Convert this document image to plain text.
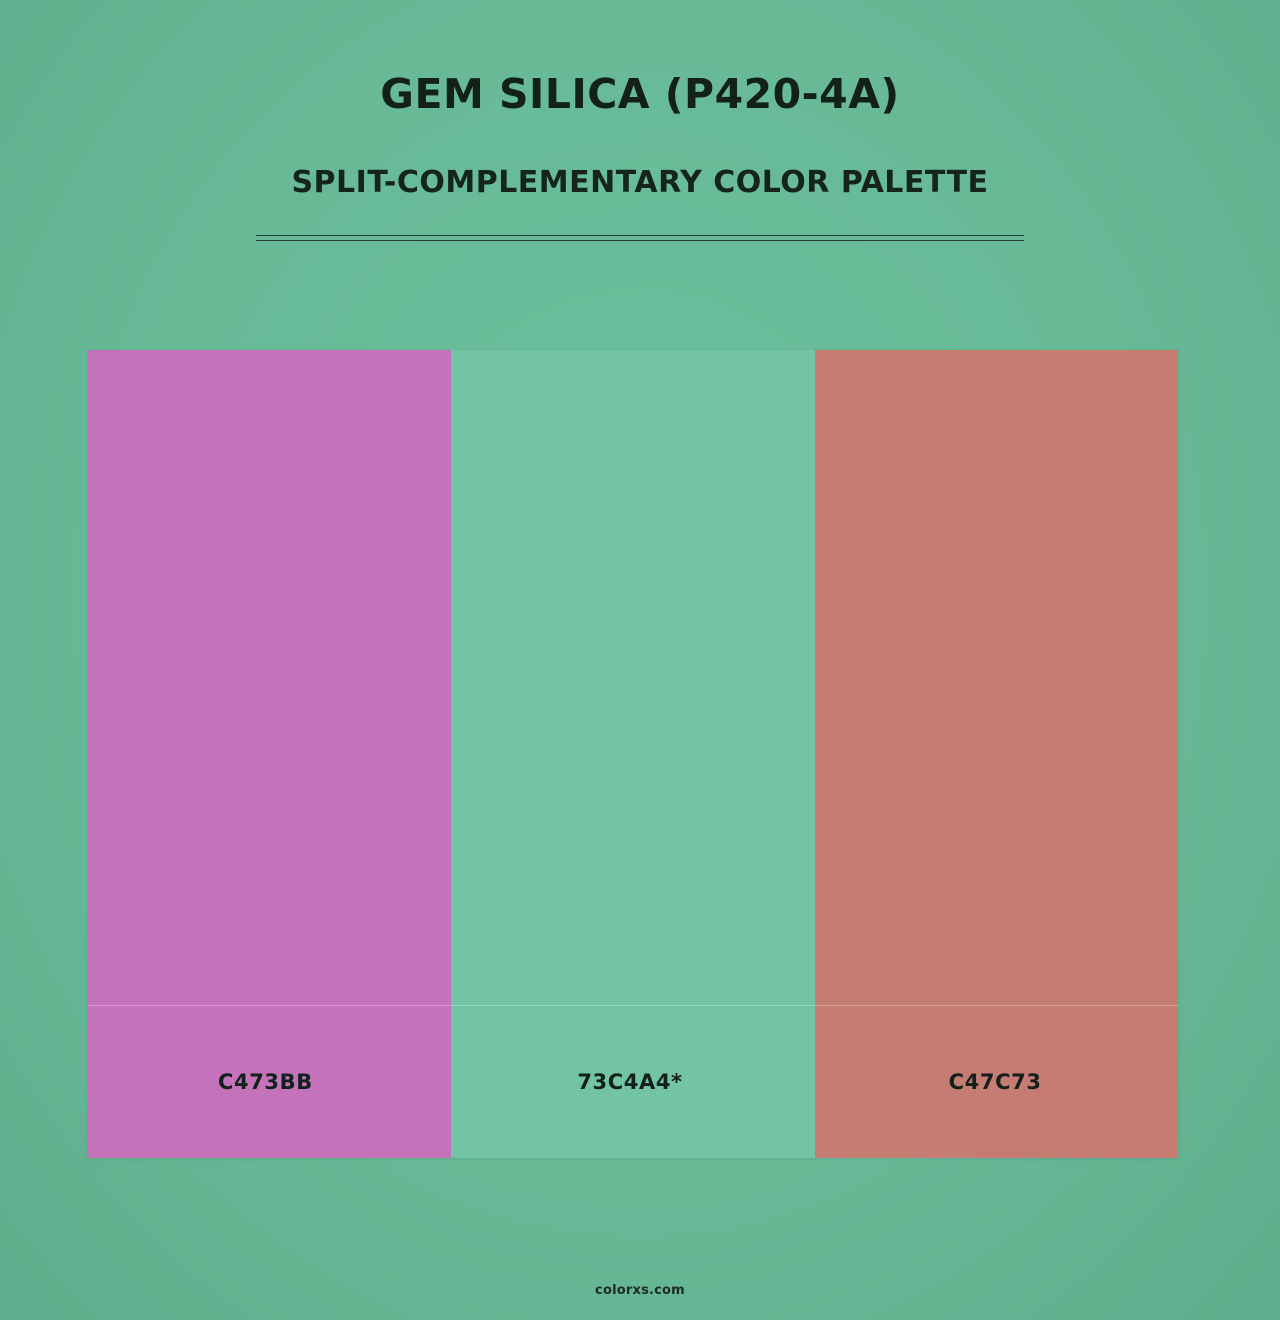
GEM SILICA (P420-4A)
SPLIT-COMPLEMENTARY COLOR PALETTE
C473BB	73C4A4*	C47C73
colorxs.com
